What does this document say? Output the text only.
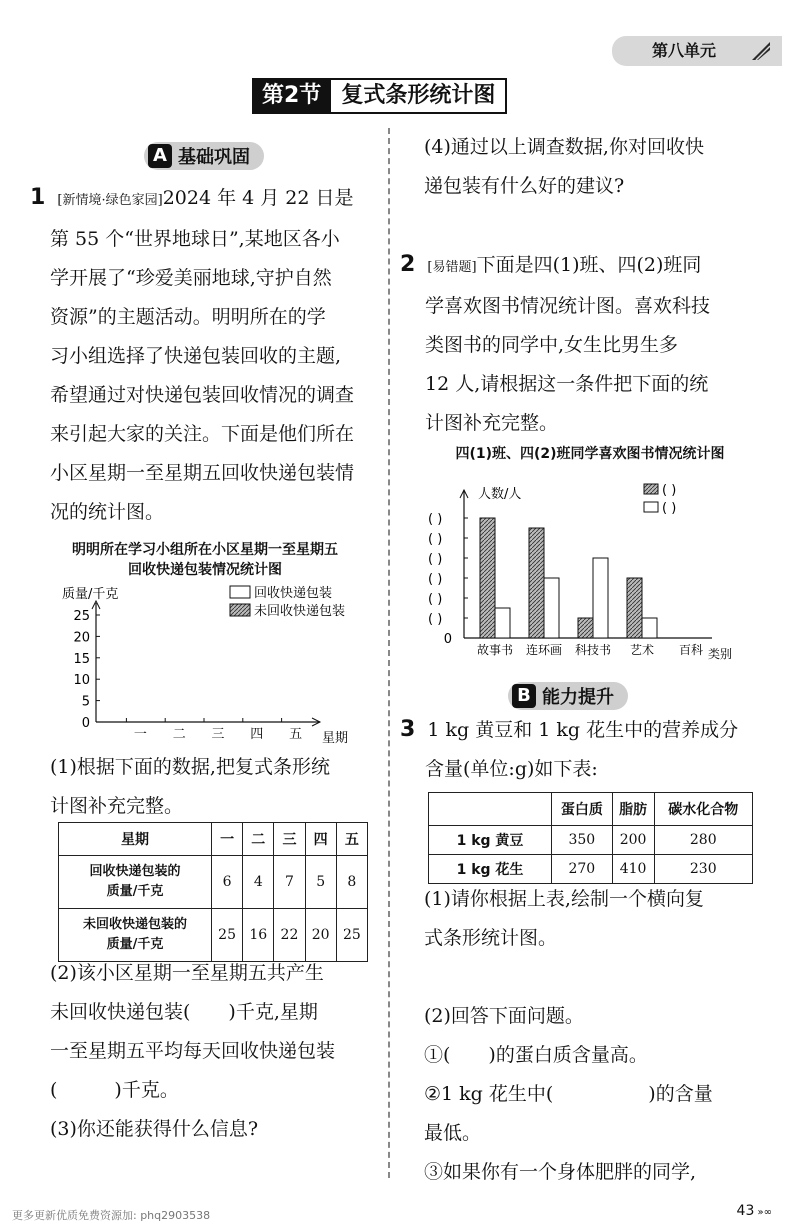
第八单元
第2节 复式条形统计图
A 基础巩固
1 [新情境·绿色家园]2024 年 4 月 22 日是
第 55 个“世界地球日”,某地区各小
学开展了“珍爱美丽地球,守护自然
资源”的主题活动。明明所在的学
习小组选择了快递包装回收的主题,
希望通过对快递包装回收情况的调查
来引起大家的关注。下面是他们所在
小区星期一至星期五回收快递包装情
况的统计图。
明明所在学习小组所在小区星期一至星期五
回收快递包装情况统计图
质量/千克
0
5
10
15
20
25
一 二 三 四 五 星期
回收快递包装
未回收快递包装
(1)根据下面的数据,把复式条形统
计图补充完整。
星期	一	二	三	四	五

回收快递包装的
质量/千克	6	4	7	5	8

未回收快递包装的
质量/千克	25	16	22	20	25
(2)该小区星期一至星期五共产生
未回收快递包装(　　)千克,星期
一至星期五平均每天回收快递包装
(　　　)千克。
(3)你还能获得什么信息?
(4)通过以上调查数据,你对回收快
递包装有什么好的建议?
2 [易错题]下面是四(1)班、四(2)班同
学喜欢图书情况统计图。喜欢科技
类图书的同学中,女生比男生多
12 人,请根据这一条件把下面的统
计图补充完整。
四(1)班、四(2)班同学喜欢图书情况统计图
人数/人
0
( )
( )
( )
( )
( )
( )
故事书 连环画 科技书 艺术 百科 类别
( )
( )
B 能力提升
3 1 kg 黄豆和 1 kg 花生中的营养成分
含量(单位:g)如下表:
	蛋白质	脂肪	碳水化合物
1 kg 黄豆	350	200	280
1 kg 花生	270	410	230
(1)请你根据上表,绘制一个横向复
式条形统计图。
(2)回答下面问题。
①(　　)的蛋白质含量高。
②1 kg 花生中(　　　　　)的含量
最低。
③如果你有一个身体肥胖的同学,
更多更新优质免费资源加: phq2903538	43 »∞
